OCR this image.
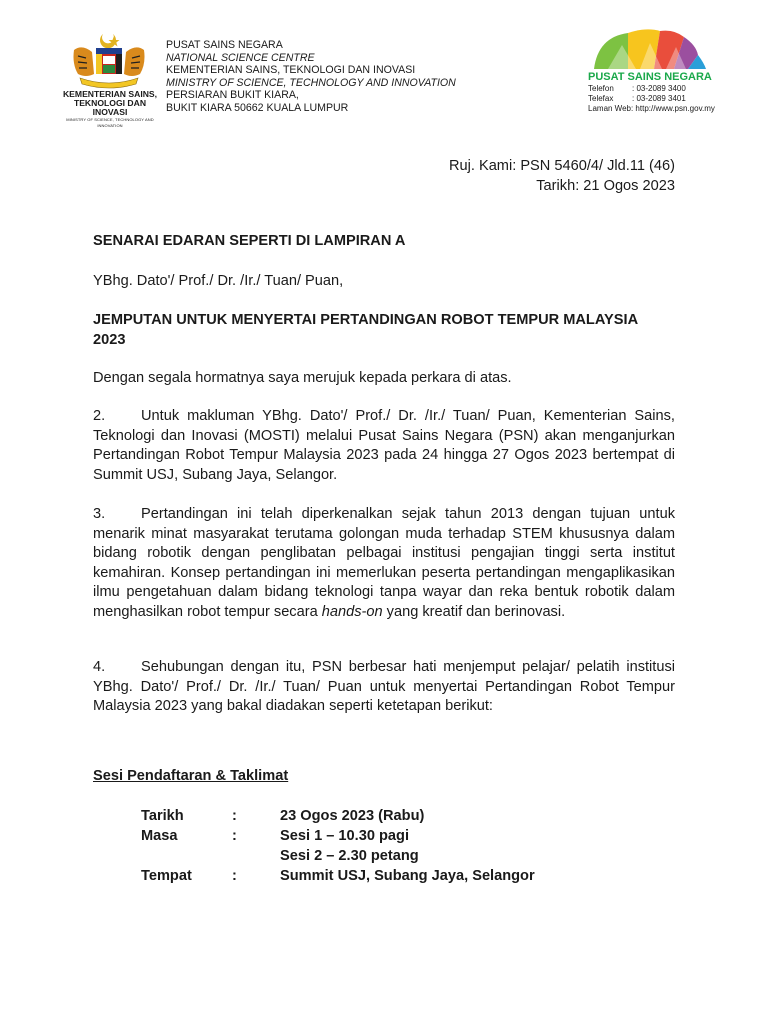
KEMENTERIAN SAINS,
TEKNOLOGI DAN INOVASI
MINISTRY OF SCIENCE, TECHNOLOGY AND INNOVATION
PUSAT SAINS NEGARA
NATIONAL SCIENCE CENTRE
KEMENTERIAN SAINS, TEKNOLOGI DAN INOVASI
MINISTRY OF SCIENCE, TECHNOLOGY AND INNOVATION
PERSIARAN BUKIT KIARA,
BUKIT KIARA 50662 KUALA LUMPUR
PUSAT SAINS NEGARA
Telefon : 03-2089 3400
Telefax : 03-2089 3401
Laman Web: http://www.psn.gov.my
Ruj. Kami: PSN 5460/4/ Jld.11 (46)
Tarikh: 21 Ogos 2023
SENARAI EDARAN SEPERTI DI LAMPIRAN A
YBhg. Dato'/ Prof./ Dr. /Ir./ Tuan/ Puan,
JEMPUTAN UNTUK MENYERTAI PERTANDINGAN ROBOT TEMPUR MALAYSIA
2023
Dengan segala hormatnya saya merujuk kepada perkara di atas.
2. Untuk makluman YBhg. Dato'/ Prof./ Dr. /Ir./ Tuan/ Puan, Kementerian Sains, Teknologi dan Inovasi (MOSTI) melalui Pusat Sains Negara (PSN) akan menganjurkan Pertandingan Robot Tempur Malaysia 2023 pada 24 hingga 27 Ogos 2023 bertempat di Summit USJ, Subang Jaya, Selangor.
3. Pertandingan ini telah diperkenalkan sejak tahun 2013 dengan tujuan untuk menarik minat masyarakat terutama golongan muda terhadap STEM khususnya dalam bidang robotik dengan penglibatan pelbagai institusi pengajian tinggi serta institut kemahiran. Konsep pertandingan ini memerlukan peserta pertandingan mengaplikasikan ilmu pengetahuan dalam bidang teknologi tanpa wayar dan reka bentuk robotik dalam menghasilkan robot tempur secara hands-on yang kreatif dan berinovasi.
4. Sehubungan dengan itu, PSN berbesar hati menjemput pelajar/ pelatih institusi YBhg. Dato'/ Prof./ Dr. /Ir./ Tuan/ Puan untuk menyertai Pertandingan Robot Tempur Malaysia 2023 yang bakal diadakan seperti ketetapan berikut:
Sesi Pendaftaran & Taklimat
Tarikh	:	23 Ogos 2023 (Rabu)
Masa	:	Sesi 1 – 10.30 pagi
Sesi 2 – 2.30 petang
Tempat	:	Summit USJ, Subang Jaya, Selangor
